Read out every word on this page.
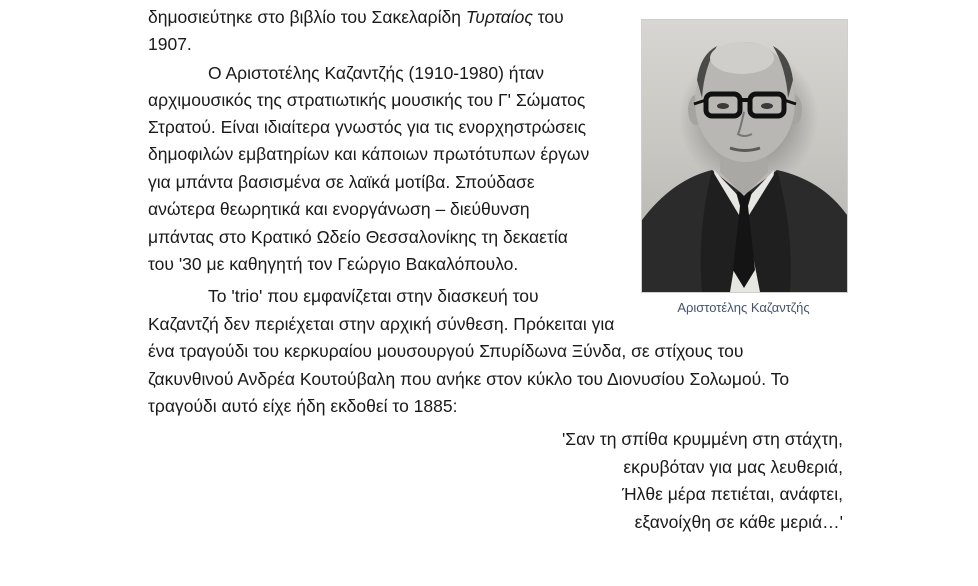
δημοσιεύτηκε στο βιβλίο του Σακελαρίδη Τυρταίος του
1907.
Ο Αριστοτέλης Καζαντζής (1910-1980) ήταν
αρχιμουσικός της στρατιωτικής μουσικής του Γ' Σώματος
Στρατού. Είναι ιδιαίτερα γνωστός για τις ενορχηστρώσεις
δημοφιλών εμβατηρίων και κάποιων πρωτότυπων έργων
για μπάντα βασισμένα σε λαϊκά μοτίβα. Σπούδασε
ανώτερα θεωρητικά και ενοργάνωση – διεύθυνση
μπάντας στο Κρατικό Ωδείο Θεσσαλονίκης τη δεκαετία
του '30 με καθηγητή τον Γεώργιο Βακαλόπουλο.
Το 'trio' που εμφανίζεται στην διασκευή του
Καζαντζή δεν περιέχεται στην αρχική σύνθεση. Πρόκειται για
ένα τραγούδι του κερκυραίου μουσουργού Σπυρίδωνα Ξύνδα, σε στίχους του
ζακυνθινού Ανδρέα Κουτούβαλη που ανήκε στον κύκλο του Διονυσίου Σολωμού. Το
τραγούδι αυτό είχε ήδη εκδοθεί το 1885:
'Σαν τη σπίθα κρυμμένη στη στάχτη,
εκρυβόταν για μας λευθεριά,
Ήλθε μέρα πετιέται, ανάφτει,
εξανοίχθη σε κάθε μεριά…'
Αριστοτέλης Καζαντζής
